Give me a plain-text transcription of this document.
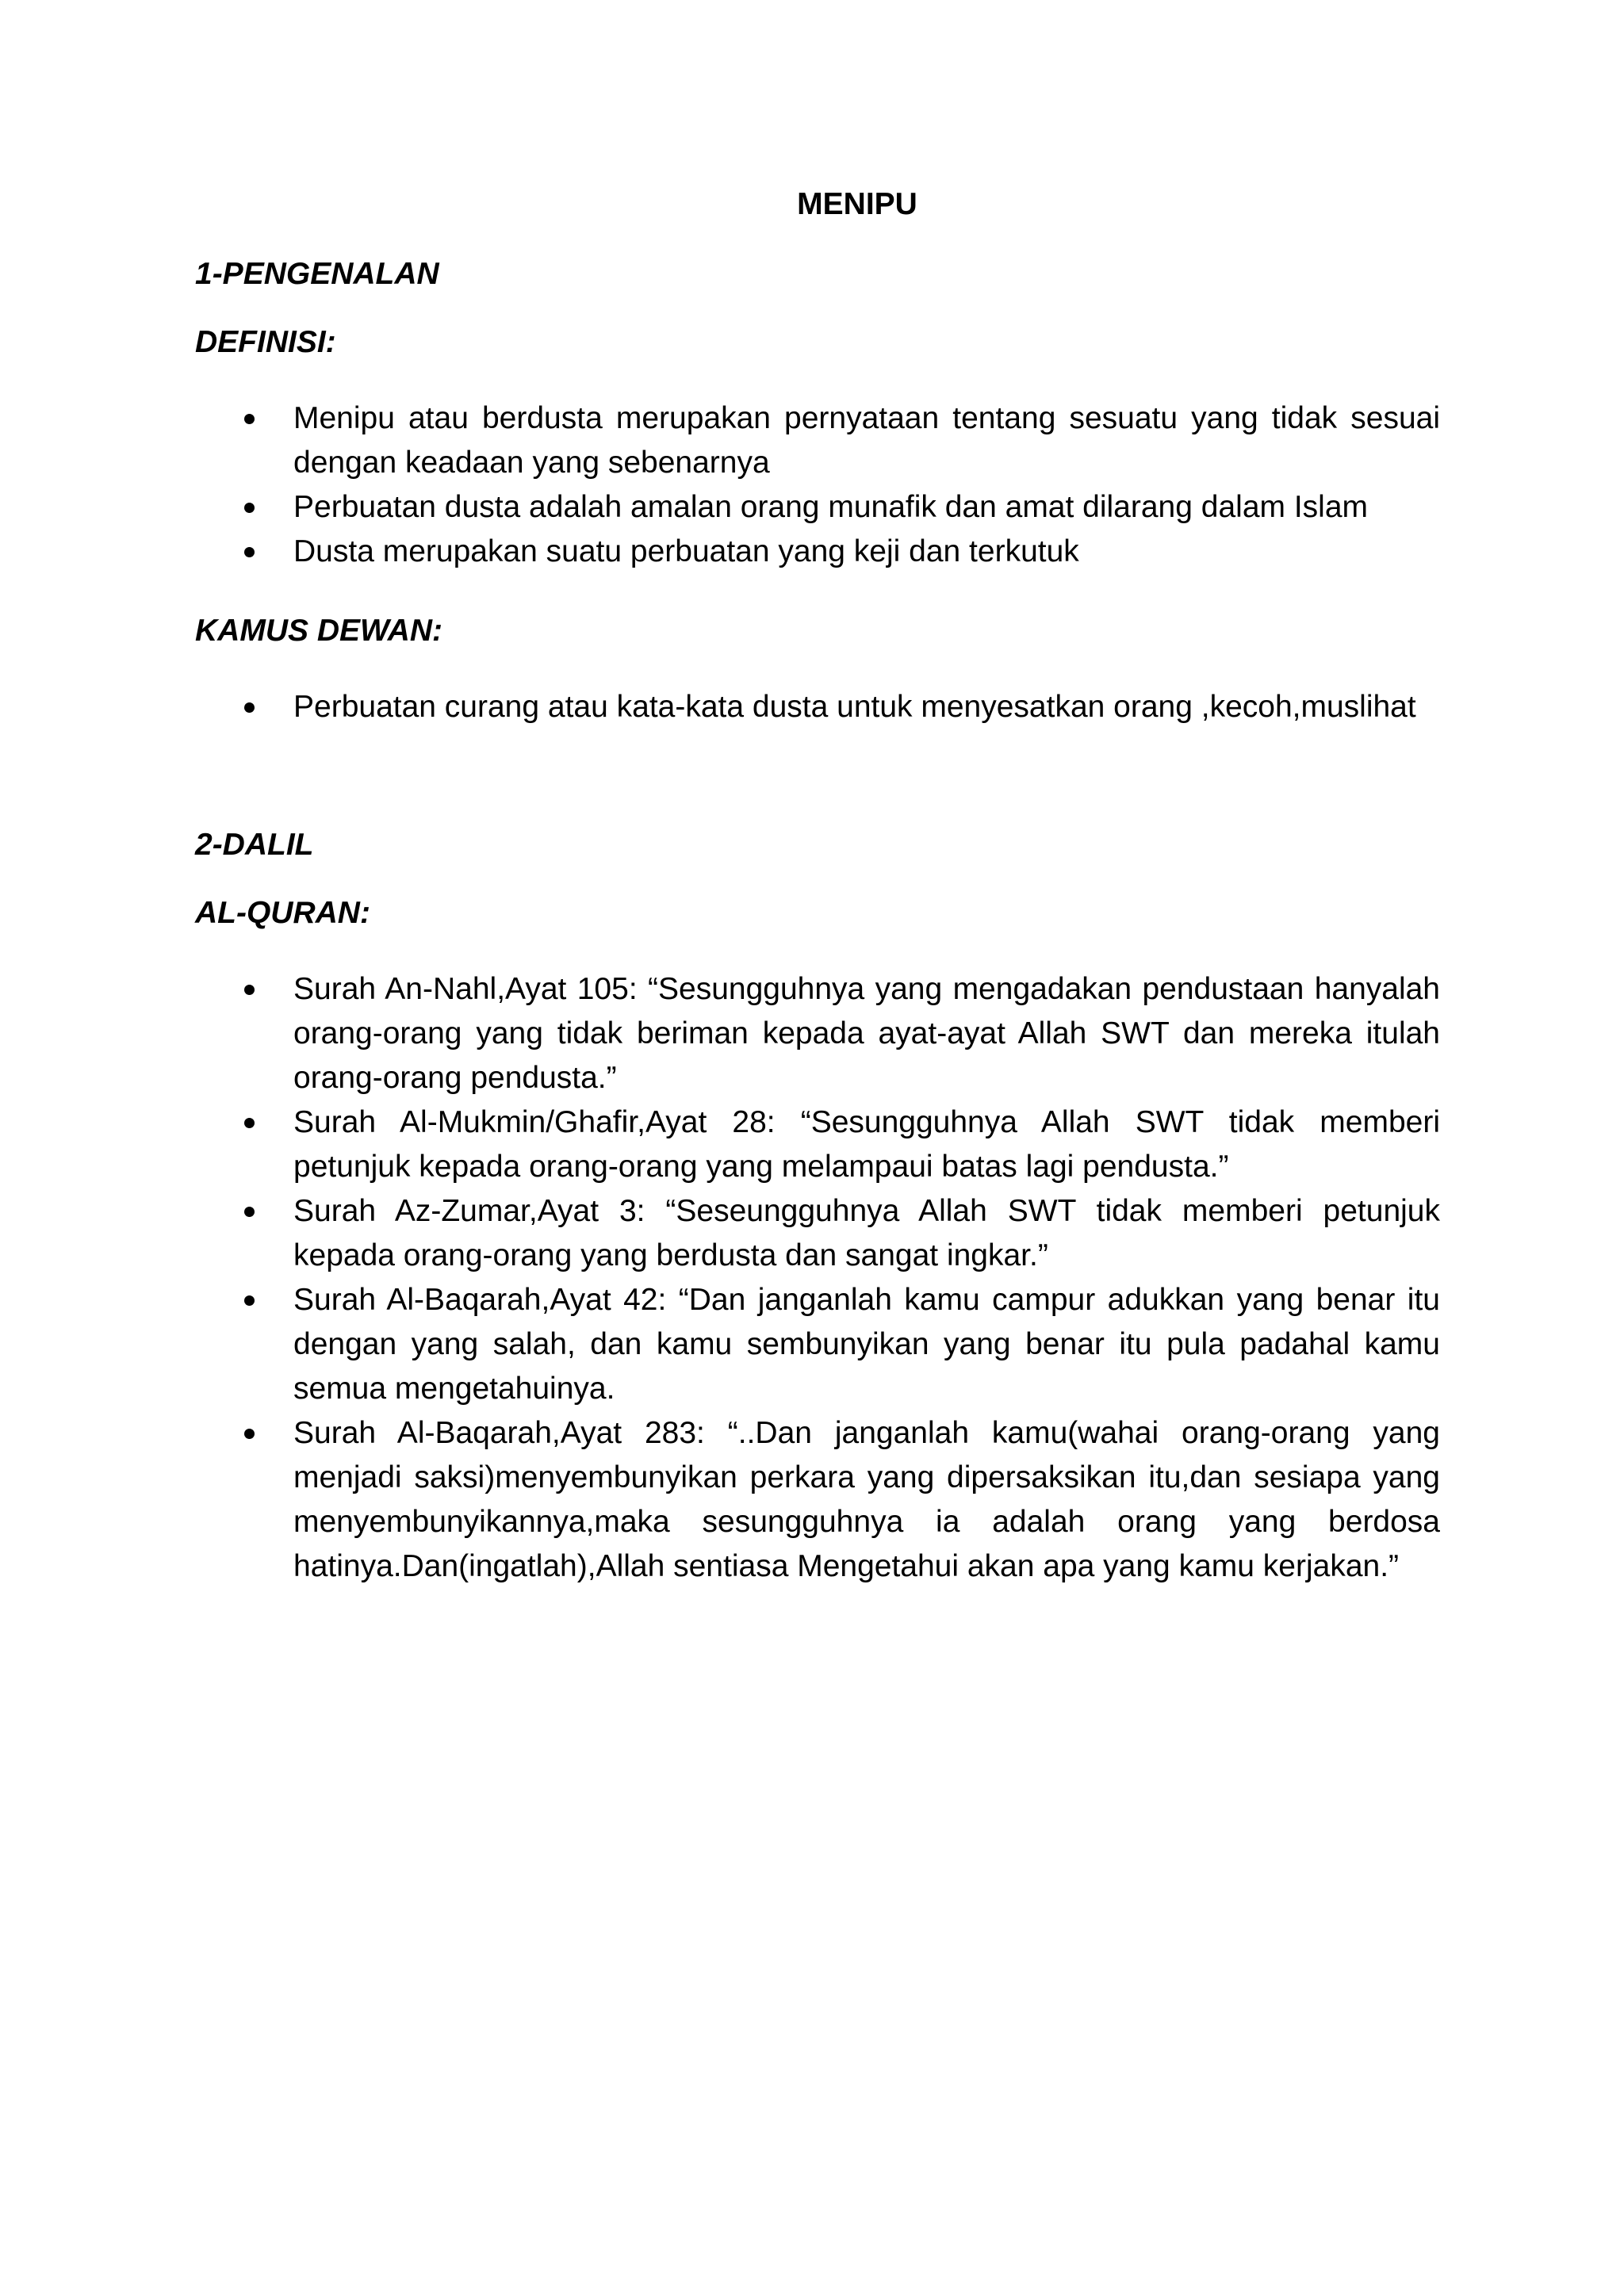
MENIPU
1-PENGENALAN
DEFINISI:
Menipu atau berdusta merupakan pernyataan tentang sesuatu yang tidak sesuai dengan keadaan yang sebenarnya
Perbuatan dusta adalah amalan orang munafik dan amat dilarang dalam Islam
Dusta merupakan suatu perbuatan yang keji dan terkutuk
KAMUS DEWAN:
Perbuatan curang atau kata-kata dusta untuk menyesatkan orang ,kecoh,muslihat
2-DALIL
AL-QURAN:
Surah An-Nahl,Ayat 105: “Sesungguhnya yang mengadakan pendustaan hanyalah orang-orang yang tidak beriman kepada ayat-ayat Allah SWT dan mereka itulah orang-orang pendusta.”
Surah Al-Mukmin/Ghafir,Ayat 28: “Sesungguhnya Allah SWT tidak memberi petunjuk kepada orang-orang yang melampaui batas lagi pendusta.”
Surah Az-Zumar,Ayat 3: “Seseungguhnya Allah SWT tidak memberi petunjuk kepada orang-orang yang berdusta dan sangat ingkar.”
Surah Al-Baqarah,Ayat 42: “Dan janganlah kamu campur adukkan yang benar itu dengan yang salah, dan kamu sembunyikan yang benar itu pula padahal kamu semua mengetahuinya.
Surah Al-Baqarah,Ayat 283: “..Dan janganlah kamu(wahai orang-orang yang menjadi saksi)menyembunyikan perkara yang dipersaksikan itu,dan sesiapa yang menyembunyikannya,maka sesungguhnya ia adalah orang yang berdosa hatinya.Dan(ingatlah),Allah sentiasa Mengetahui akan apa yang kamu kerjakan.”
